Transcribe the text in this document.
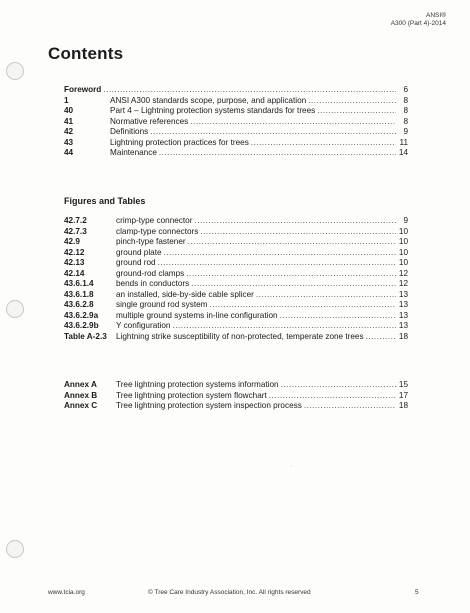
ANSI®
A300 (Part 4)-2014
Contents
Foreword .....	6
1	ANSI A300 standards scope, purpose, and application .....	8
40	Part 4 – Lightning protection systems standards for trees .....	8
41	Normative references .....	8
42	Definitions .....	9
43	Lightning protection practices for trees .....	11
44	Maintenance .....	14
Figures and Tables
42.7.2	crimp-type connector .....	9
42.7.3	clamp-type connectors .....	10
42.9	pinch-type fastener .....	10
42.12	ground plate .....	10
42.13	ground rod .....	10
42.14	ground-rod clamps .....	12
43.6.1.4	bends in conductors .....	12
43.6.1.8	an installed, side-by-side cable splicer .....	13
43.6.2.8	single ground rod system .....	13
43.6.2.9a	multiple ground systems in-line configuration .....	13
43.6.2.9b	Y configuration .....	13
Table A-2.3	Lightning strike susceptibility of non-protected, temperate zone trees .....	18
Annex A	Tree lightning protection systems information .....	15
Annex B	Tree lightning protection system flowchart .....	17
Annex C	Tree lightning protection system inspection process .....	18
www.tcia.org	© Tree Care Industry Association, Inc. All rights reserved	5
·
